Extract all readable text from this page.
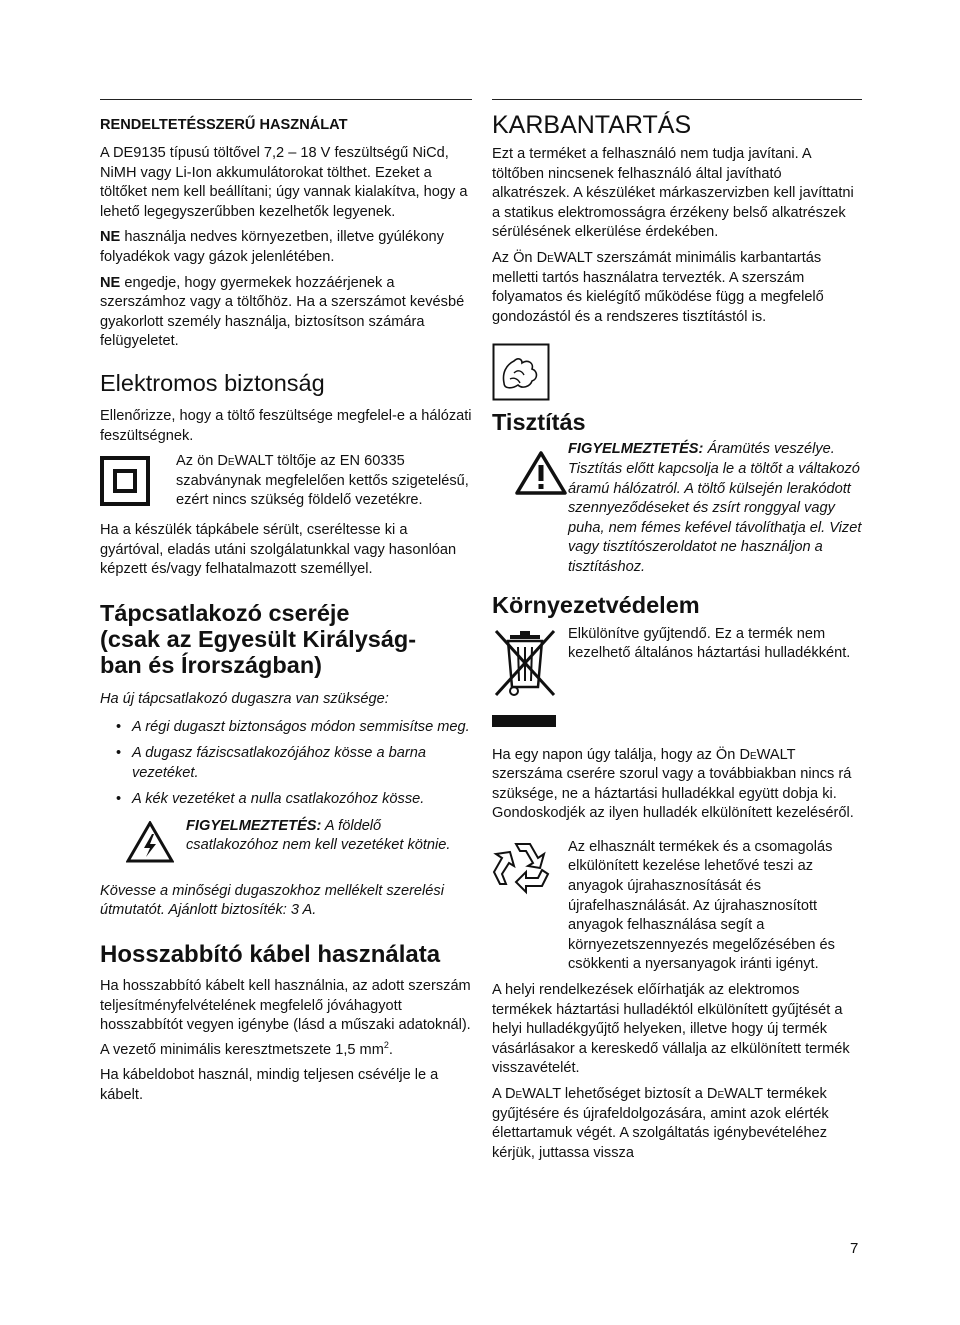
RENDELTETÉSSZERŰ HASZNÁLAT

A DE9135 típusú töltővel 7,2 – 18 V feszültségű NiCd, NiMH vagy Li-Ion akkumulátorokat tölthet. Ezeket a töltőket nem kell beállítani; úgy vannak kialakítva, hogy a lehető legegyszerűbben kezelhetők legyenek.

NE használja nedves környezetben, illetve gyúlékony folyadékok vagy gázok jelenlétében.

NE engedje, hogy gyermekek hozzáérjenek a szerszámhoz vagy a töltőhöz. Ha a szerszámot kevésbé gyakorlott személy használja, biztosítson számára felügyeletet.

Elektromos biztonság

Ellenőrizze, hogy a töltő feszültsége megfelel-e a hálózati feszültségnek.

Az ön DeWALT töltője az EN 60335 szabványnak megfelelően kettős szigetelésű, ezért nincs szükség földelő vezetékre.

Ha a készülék tápkábele sérült, cseréltesse ki a gyártóval, eladás utáni szolgálatunkkal vagy hasonlóan képzett és/vagy felhatalmazott személlyel.

Tápcsatlakozó cseréje
(csak az Egyesült Királyság-
ban és Írországban)

Ha új tápcsatlakozó dugaszra van szüksége:

• A régi dugaszt biztonságos módon semmisítse meg.
• A dugasz fáziscsatlakozójához kösse a barna vezetéket.
• A kék vezetéket a nulla csatlakozóhoz kösse.

FIGYELMEZTETÉS: A földelő csatlakozóhoz nem kell vezetéket kötnie.

Kövesse a minőségi dugaszokhoz mellékelt szerelési útmutatót. Ajánlott biztosíték: 3 A.

Hosszabbító kábel használata

Ha hosszabbító kábelt kell használnia, az adott szerszám teljesítményfelvételének megfelelő jóváhagyott hosszabbítót vegyen igénybe (lásd a műszaki adatoknál). A vezető minimális keresztmetszete 1,5 $mm^2$.

Ha kábeldobot használ, mindig teljesen csévélje le a kábelt.

KARBANTARTÁS

Ezt a terméket a felhasználó nem tudja javítani. A töltőben nincsenek felhasználó által javítható alkatrészek. A készüléket márkaszervizben kell javíttatni a statikus elektromosságra érzékeny belső alkatrészek sérülésének elkerülése érdekében.

Az Ön DeWALT szerszámát minimális karbantartás melletti tartós használatra tervezték. A szerszám folyamatos és kielégítő működése függ a megfelelő gondozástól és a rendszeres tisztítástól is.

Tisztítás

FIGYELMEZTETÉS: Áramütés veszélye. Tisztítás előtt kapcsolja le a töltőt a váltakozó áramú hálózatról. A töltő külsején lerakódott szennyeződéseket és zsírt ronggyal vagy puha, nem fémes kefével távolíthatja el. Vizet vagy tisztítószeroldatot ne használjon a tisztításhoz.

Környezetvédelem

Elkülönítve gyűjtendő. Ez a termék nem kezelhető általános háztartási hulladékként.

Ha egy napon úgy találja, hogy az Ön DeWALT szerszáma cserére szorul vagy a továbbiakban nincs rá szüksége, ne a háztartási hulladékkal együtt dobja ki. Gondoskodjék az ilyen hulladék elkülönített kezeléséről.

Az elhasznált termékek és a csomagolás elkülönített kezelése lehetővé teszi az anyagok újrahasznosítását és újrafelhasználását. Az újrahasznosított anyagok felhasználása segít a környezetszennyezés megelőzésében és csökkenti a nyersanyagok iránti igényt.

A helyi rendelkezések előírhatják az elektromos termékek háztartási hulladéktól elkülönített gyűjtését a helyi hulladékgyűjtő helyeken, illetve hogy új termék vásárlásakor a kereskedő vállalja az elkülönített termék visszavételét.

A DeWALT lehetőséget biztosít a DeWALT termékek gyűjtésére és újrafeldolgozására, amint azok elérték élettartamuk végét. A szolgáltatás igénybevételéhez kérjük, juttassa vissza

7
